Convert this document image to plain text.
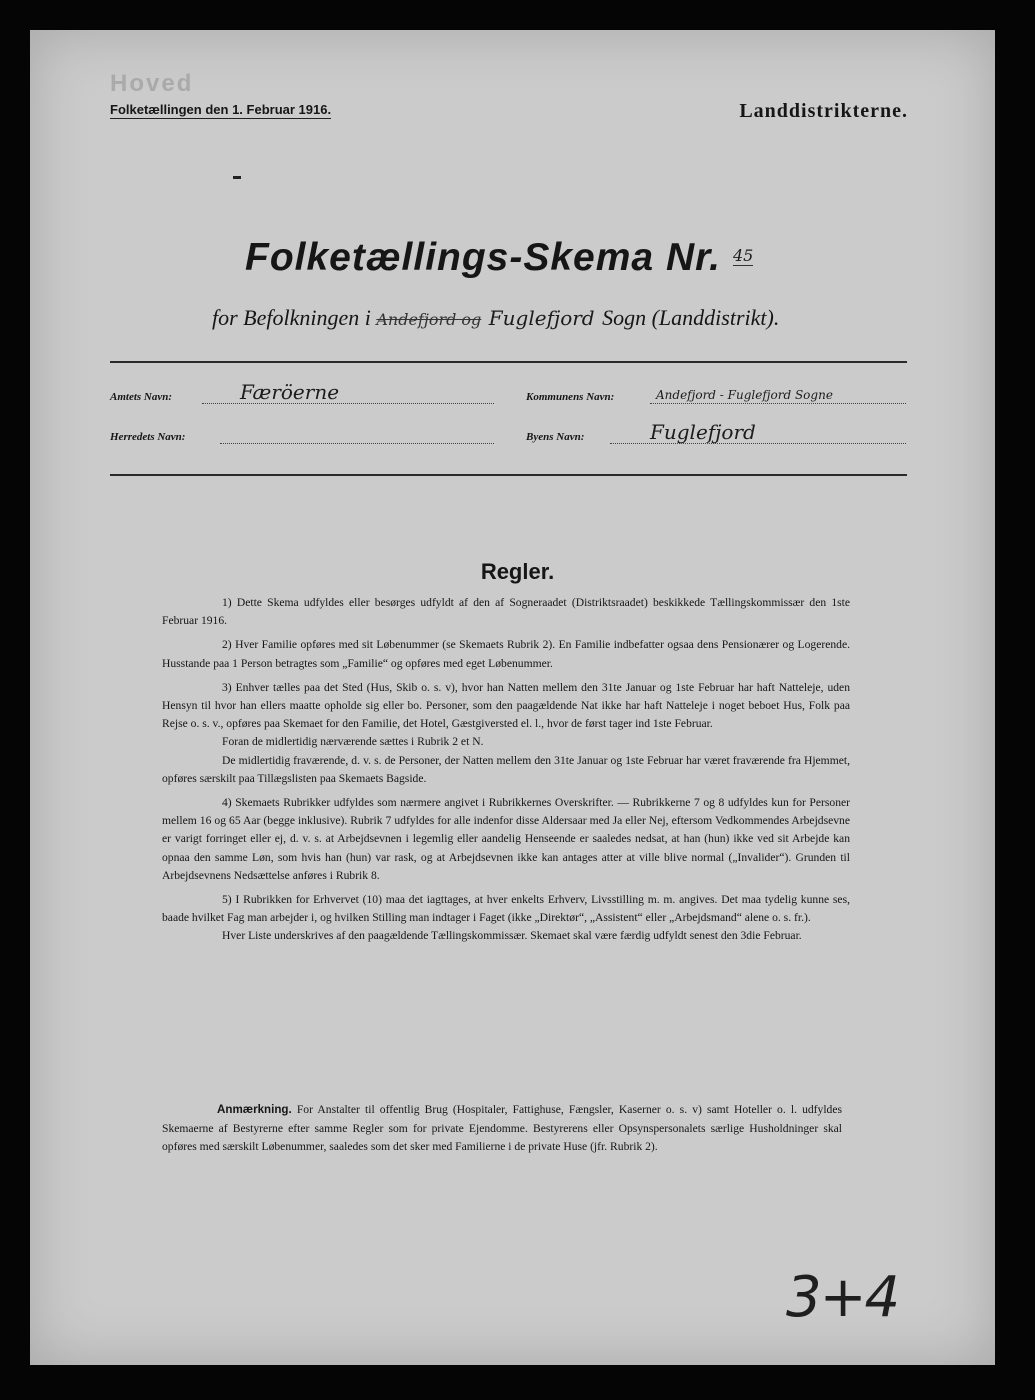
Hoved
Folketællingen den 1. Februar 1916.	Landdistrikterne.
Folketællings-Skema Nr. 45
for Befolkningen i Andefjord og Fuglefjord Sogn (Landdistrikt).
Amtets Navn:	Færöerne	Kommunens Navn:	Andefjord - Fuglefjord Sogne
Herredets Navn:	Byens Navn:	Fuglefjord
Regler.

1) Dette Skema udfyldes eller besørges udfyldt af den af Sogneraadet (Distriktsraadet) beskikkede Tællingskommissær den 1ste Februar 1916.

2) Hver Familie opføres med sit Løbenummer (se Skemaets Rubrik 2). En Familie indbefatter ogsaa dens Pensionærer og Logerende. Husstande paa 1 Person betragtes som „Familie“ og opføres med eget Løbenummer.

3) Enhver tælles paa det Sted (Hus, Skib o. s. v), hvor han Natten mellem den 31te Januar og 1ste Februar har haft Natteleje, uden Hensyn til hvor han ellers maatte opholde sig eller bo. Personer, som den paagældende Nat ikke har haft Natteleje i noget beboet Hus, Folk paa Rejse o. s. v., opføres paa Skemaet for den Familie, det Hotel, Gæstgiversted el. l., hvor de først tager ind 1ste Februar.

Foran de midlertidig nærværende sættes i Rubrik 2 et N.

De midlertidig fraværende, d. v. s. de Personer, der Natten mellem den 31te Januar og 1ste Februar har været fraværende fra Hjemmet, opføres særskilt paa Tillægslisten paa Skemaets Bagside.

4) Skemaets Rubrikker udfyldes som nærmere angivet i Rubrikkernes Overskrifter. — Rubrikkerne 7 og 8 udfyldes kun for Personer mellem 16 og 65 Aar (begge inklusive). Rubrik 7 udfyldes for alle indenfor disse Aldersaar med Ja eller Nej, eftersom Vedkommendes Arbejdsevne er varigt forringet eller ej, d. v. s. at Arbejdsevnen i legemlig eller aandelig Henseende er saaledes nedsat, at han (hun) ikke ved sit Arbejde kan opnaa den samme Løn, som hvis han (hun) var rask, og at Arbejdsevnen ikke kan antages atter at ville blive normal („Invalider“). Grunden til Arbejdsevnens Nedsættelse anføres i Rubrik 8.

5) I Rubrikken for Erhvervet (10) maa det iagttages, at hver enkelts Erhverv, Livsstilling m. m. angives. Det maa tydelig kunne ses, baade hvilket Fag man arbejder i, og hvilken Stilling man indtager i Faget (ikke „Direktør“, „Assistent“ eller „Arbejdsmand“ alene o. s. fr.).

Hver Liste underskrives af den paagældende Tællingskommissær. Skemaet skal være færdig udfyldt senest den 3die Februar.

Anmærkning. For Anstalter til offentlig Brug (Hospitaler, Fattighuse, Fængsler, Kaserner o. s. v) samt Hoteller o. l. udfyldes Skemaerne af Bestyrerne efter samme Regler som for private Ejendomme. Bestyrerens eller Opsynspersonalets særlige Husholdninger skal opføres med særskilt Løbenummer, saaledes som det sker med Familierne i de private Huse (jfr. Rubrik 2).
3+4
